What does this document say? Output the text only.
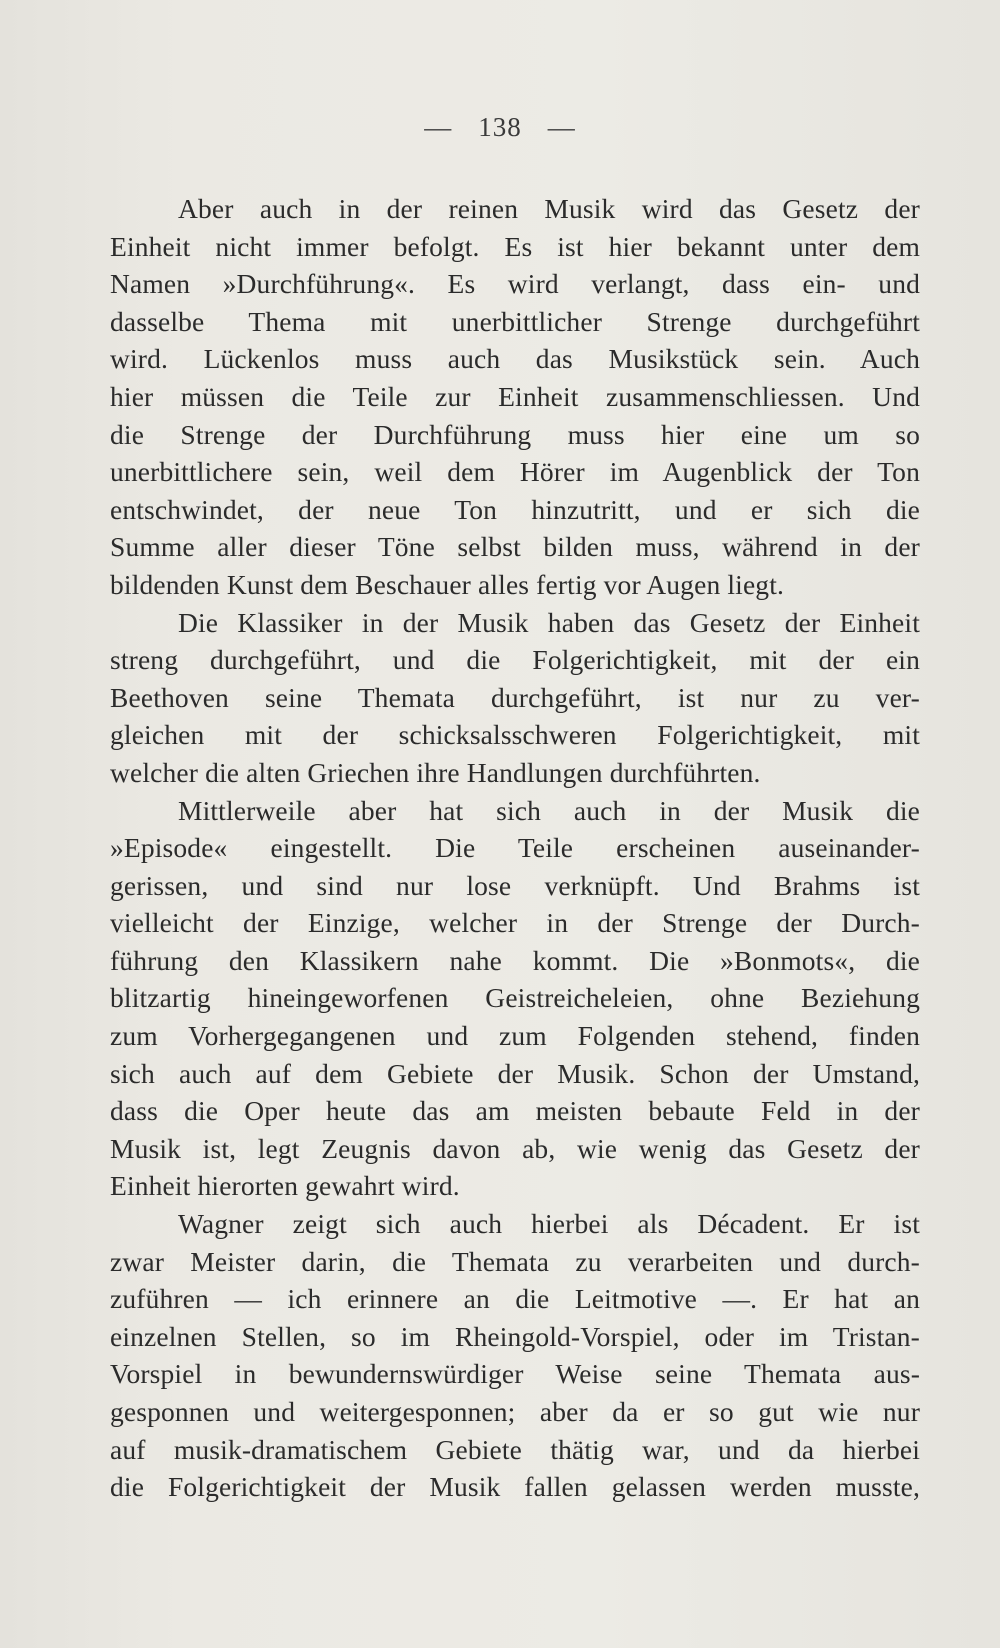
— 138 —
Aber auch in der reinen Musik wird das Gesetz der
Einheit nicht immer befolgt. Es ist hier bekannt unter dem
Namen »Durchführung«. Es wird verlangt, dass ein- und
dasselbe Thema mit unerbittlicher Strenge durchgeführt
wird. Lückenlos muss auch das Musikstück sein. Auch
hier müssen die Teile zur Einheit zusammenschliessen. Und
die Strenge der Durchführung muss hier eine um so
unerbittlichere sein, weil dem Hörer im Augenblick der Ton
entschwindet, der neue Ton hinzutritt, und er sich die
Summe aller dieser Töne selbst bilden muss, während in der
bildenden Kunst dem Beschauer alles fertig vor Augen liegt.
Die Klassiker in der Musik haben das Gesetz der Einheit
streng durchgeführt, und die Folgerichtigkeit, mit der ein
Beethoven seine Themata durchgeführt, ist nur zu ver-
gleichen mit der schicksalsschweren Folgerichtigkeit, mit
welcher die alten Griechen ihre Handlungen durchführten.
Mittlerweile aber hat sich auch in der Musik die
»Episode« eingestellt. Die Teile erscheinen auseinander-
gerissen, und sind nur lose verknüpft. Und Brahms ist
vielleicht der Einzige, welcher in der Strenge der Durch-
führung den Klassikern nahe kommt. Die »Bonmots«, die
blitzartig hineingeworfenen Geistreicheleien, ohne Beziehung
zum Vorhergegangenen und zum Folgenden stehend, finden
sich auch auf dem Gebiete der Musik. Schon der Umstand,
dass die Oper heute das am meisten bebaute Feld in der
Musik ist, legt Zeugnis davon ab, wie wenig das Gesetz der
Einheit hierorten gewahrt wird.
Wagner zeigt sich auch hierbei als Décadent. Er ist
zwar Meister darin, die Themata zu verarbeiten und durch-
zuführen — ich erinnere an die Leitmotive —. Er hat an
einzelnen Stellen, so im Rheingold-Vorspiel, oder im Tristan-
Vorspiel in bewundernswürdiger Weise seine Themata aus-
gesponnen und weitergesponnen; aber da er so gut wie nur
auf musik-dramatischem Gebiete thätig war, und da hierbei
die Folgerichtigkeit der Musik fallen gelassen werden musste,
